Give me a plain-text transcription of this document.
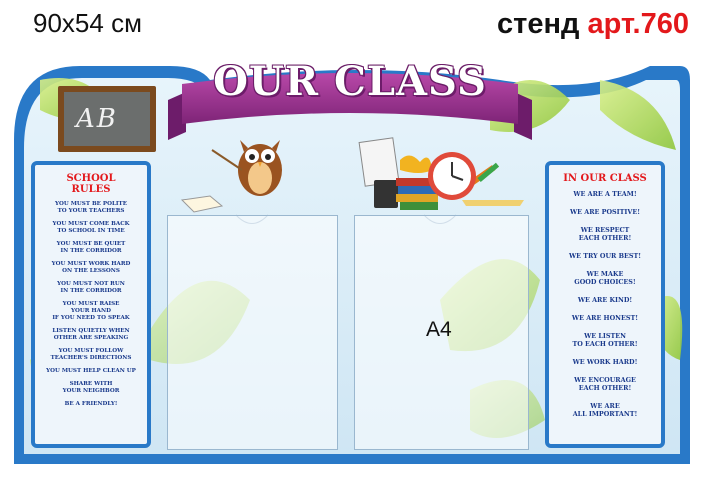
90x54 см	стенд арт.760
OUR CLASS
AB
A4
SCHOOL
RULES
YOU MUST BE POLITE
TO YOUR TEACHERS
YOU MUST COME BACK
TO SCHOOL IN TIME
YOU MUST BE QUIET
IN THE CORRIDOR
YOU MUST WORK HARD
ON THE LESSONS
YOU MUST NOT RUN
IN THE CORRIDOR
YOU MUST RAISE
YOUR HAND
IF YOU NEED TO SPEAK
LISTEN QUIETLY WHEN
OTHER ARE SPEAKING
YOU MUST FOLLOW
TEACHER'S DIRECTIONS
YOU MUST HELP CLEAN UP
SHARE WITH
YOUR NEIGHBOR
BE A FRIENDLY!
IN OUR CLASS
WE ARE A TEAM!
WE ARE POSITIVE!
WE RESPECT
EACH OTHER!
WE TRY OUR BEST!
WE MAKE
GOOD CHOICES!
WE ARE KIND!
WE ARE HONEST!
WE LISTEN
TO EACH OTHER!
WE WORK HARD!
WE ENCOURAGE
EACH OTHER!
WE ARE
ALL IMPORTANT!
